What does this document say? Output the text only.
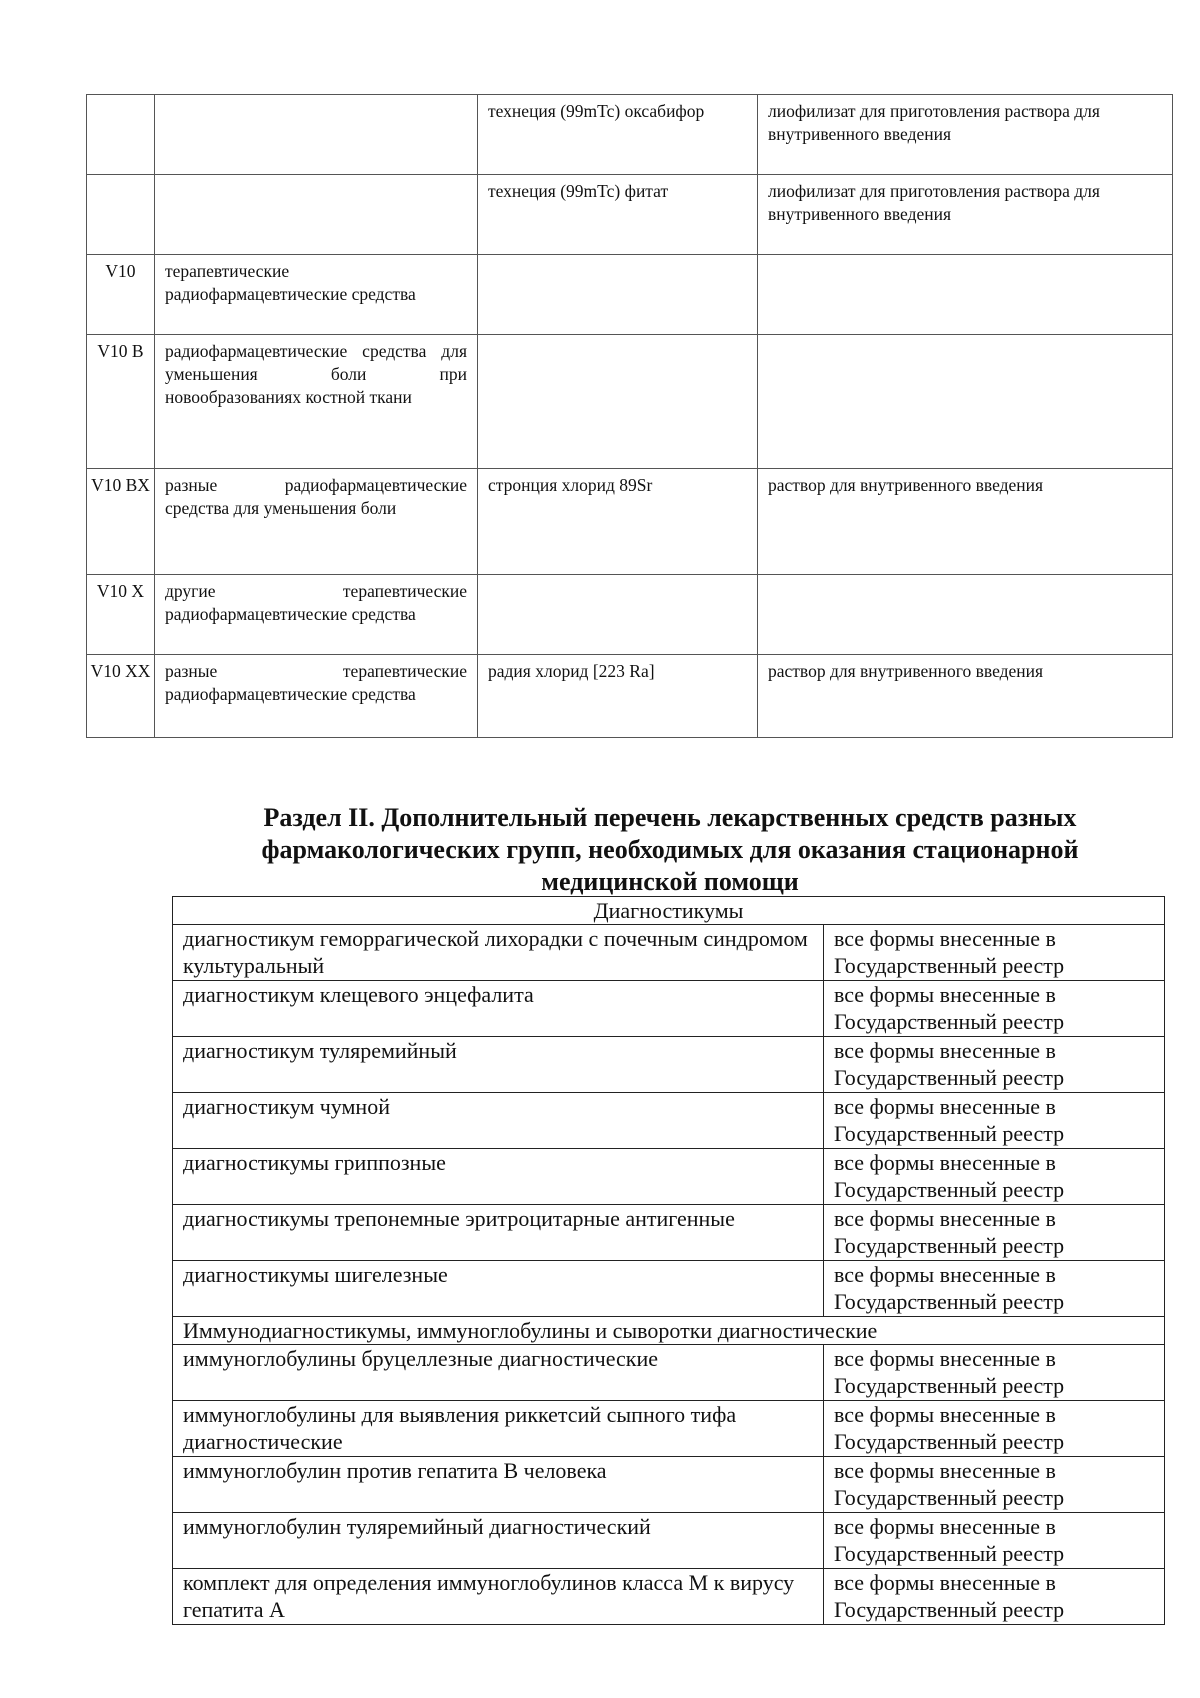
		технеция (99mTc) оксабифор	лиофилизат для приготовления раствора для внутривенного введения
		технеция (99mTc) фитат	лиофилизат для приготовления раствора для внутривенного введения
V10	терапевтические радиофармацевтические средства		
V10 B	радиофармацевтические средства для уменьшения боли при новообразованиях костной ткани		
V10 BX	разные радиофармацевтические средства для уменьшения боли	стронция хлорид 89Sr	раствор для внутривенного введения
V10 X	другие терапевтические радиофармацевтические средства		
V10 XX	разные терапевтические радиофармацевтические средства	радия хлорид [223 Ra]	раствор для внутривенного введения
Раздел II. Дополнительный перечень лекарственных средств разных
фармакологических групп, необходимых для оказания стационарной
медицинской помощи
Диагностикумы	
диагностикум геморрагической лихорадки с почечным синдромом культуральный	все формы внесенные в Государственный реестр
диагностикум клещевого энцефалита	все формы внесенные в Государственный реестр
диагностикум туляремийный	все формы внесенные в Государственный реестр
диагностикум чумной	все формы внесенные в Государственный реестр
диагностикумы гриппозные	все формы внесенные в Государственный реестр
диагностикумы трепонемные эритроцитарные антигенные	все формы внесенные в Государственный реестр
диагностикумы шигелезные	все формы внесенные в Государственный реестр
Иммунодиагностикумы, иммуноглобулины и сыворотки диагностические	
иммуноглобулины бруцеллезные диагностические	все формы внесенные в Государственный реестр
иммуноглобулины для выявления риккетсий сыпного тифа диагностические	все формы внесенные в Государственный реестр
иммуноглобулин против гепатита В человека	все формы внесенные в Государственный реестр
иммуноглобулин туляремийный диагностический	все формы внесенные в Государственный реестр
комплект для определения иммуноглобулинов класса М к вирусу гепатита А	все формы внесенные в Государственный реестр
